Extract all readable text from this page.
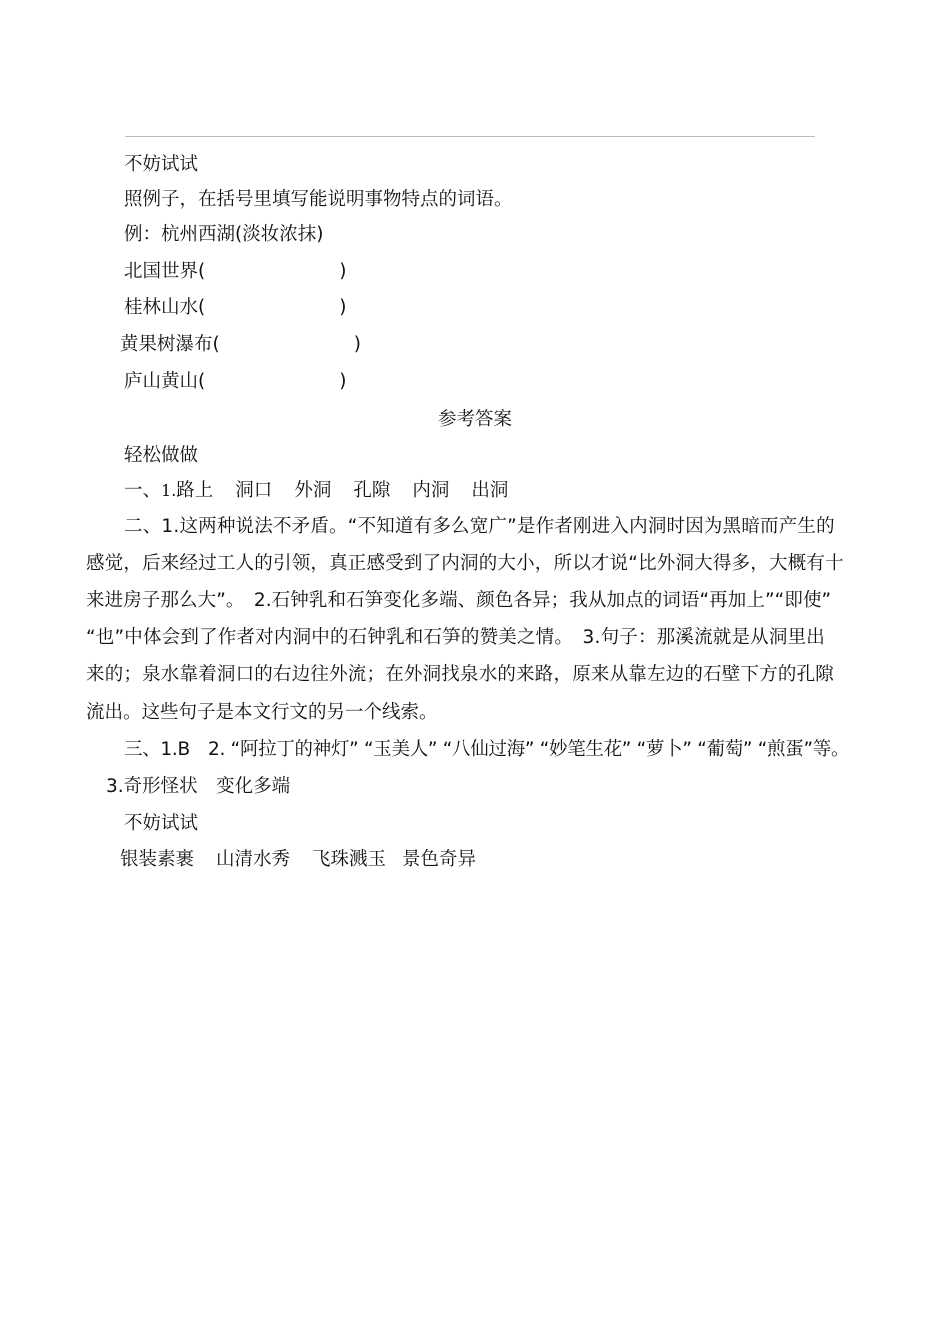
不妨试试
照例子，在括号里填写能说明事物特点的词语。
例：杭州西湖(淡妆浓抹)
北国世界(	)
桂林山水(	)
黄果树瀑布(	)
庐山黄山(	)
参考答案
轻松做做
一、1.路上 洞口 外洞 孔隙 内洞 出洞
二、1.这两种说法不矛盾。“不知道有多么宽广”是作者刚进入内洞时因为黑暗而产生的
感觉，后来经过工人的引领，真正感受到了内洞的大小，所以才说“比外洞大得多，大概有十
来进房子那么大”。　2.石钟乳和石笋变化多端、颜色各异；我从加点的词语“再加上”“即使”
“也”中体会到了作者对内洞中的石钟乳和石笋的赞美之情。　3.句子：那溪流就是从洞里出
来的；泉水靠着洞口的右边往外流；在外洞找泉水的来路，原来从靠左边的石壁下方的孔隙
流出。这些句子是本文行文的另一个线索。
三、1.B　2. “阿拉丁的神灯” “玉美人” “八仙过海” “妙笔生花” “萝卜” “葡萄” “煎蛋”等。
3.奇形怪状　变化多端
不妨试试
银装素裹 山清水秀 飞珠溅玉 景色奇异
